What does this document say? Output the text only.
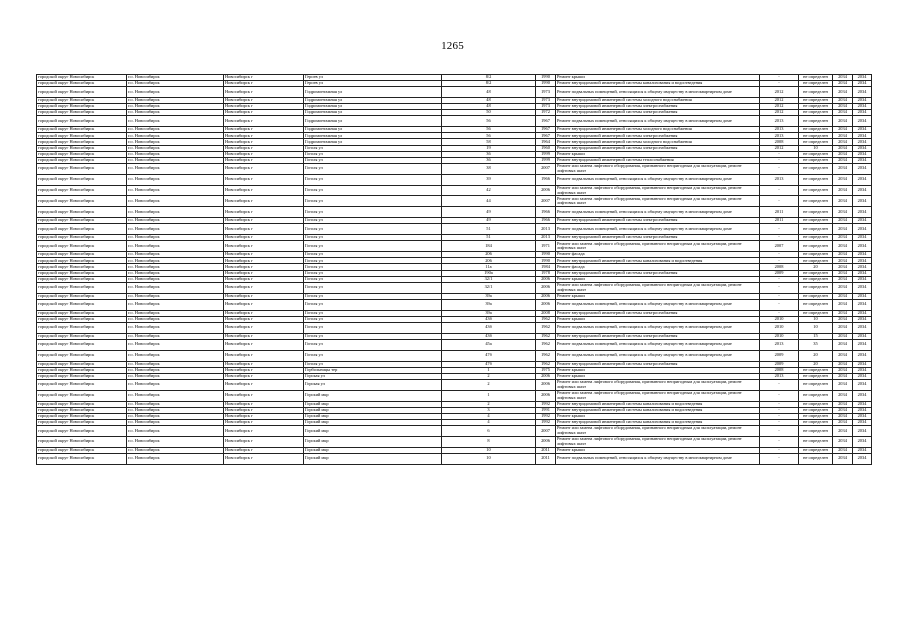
1265
городской округ Новосибирск	г.о. Новосибирск	Новосибирск г	Героев ул	8/2	1990	Ремонт крыши	-	не определен	2034	2034
городской округ Новосибирск	г.о. Новосибирск	Новосибирск г	Героев ул	8/2	1990	Ремонт внутридомовой инженерной системы канализования и водоотведения	-	не определен	2034	2034
городской округ Новосибирск	г.о. Новосибирск	Новосибирск г	Гидромонтажная ул	48	1973	Ремонт подвальных помещений, относящихся к общему имуществу в многоквартирном доме	2012	не определен	2034	2034
городской округ Новосибирск	г.о. Новосибирск	Новосибирск г	Гидромонтажная ул	48	1973	Ремонт внутридомовой инженерной системы холодного водоснабжения	2012	не определен	2034	2034
городской округ Новосибирск	г.о. Новосибирск	Новосибирск г	Гидромонтажная ул	48	1973	Ремонт внутридомовой инженерной системы электроснабжения	2012	не определен	2034	2034
городской округ Новосибирск	г.о. Новосибирск	Новосибирск г	Гидромонтажная ул	50	1972	Ремонт внутридомовой инженерной системы электроснабжения	2012	не определен	2034	2034
городской округ Новосибирск	г.о. Новосибирск	Новосибирск г	Гидромонтажная ул	56	1967	Ремонт подвальных помещений, относящихся к общему имуществу в многоквартирном доме	2013	не определен	2034	2034
городской округ Новосибирск	г.о. Новосибирск	Новосибирск г	Гидромонтажная ул	56	1967	Ремонт внутридомовой инженерной системы холодного водоснабжения	2013	не определен	2034	2034
городской округ Новосибирск	г.о. Новосибирск	Новосибирск г	Гидромонтажная ул	56	1967	Ремонт внутридомовой инженерной системы электроснабжения	2013	не определен	2034	2034
городской округ Новосибирск	г.о. Новосибирск	Новосибирск г	Гидромонтажная ул	58	1964	Ремонт внутридомовой инженерной системы холодного водоснабжения	2008	не определен	2034	2034
городской округ Новосибирск	г.о. Новосибирск	Новосибирск г	Гоголя ул	19	1960	Ремонт внутридомовой инженерной системы электроснабжения	2012	10	2034	2034
городской округ Новосибирск	г.о. Новосибирск	Новосибирск г	Гоголя ул	36	1999	Ремонт крыши	-	не определен	2034	2034
городской округ Новосибирск	г.о. Новосибирск	Новосибирск г	Гоголя ул	36	1999	Ремонт внутридомовой инженерной системы теплоснабжения	-	не определен	2034	2034
городской округ Новосибирск	г.о. Новосибирск	Новосибирск г	Гоголя ул	38	2007	Ремонт или замена лифтового оборудования, признанного непригодным для эксплуатации, ремонт лифтовых шахт	-	не определен	2034	2034
городской округ Новосибирск	г.о. Новосибирск	Новосибирск г	Гоголя ул	39	1966	Ремонт подвальных помещений, относящихся к общему имуществу в многоквартирном доме	2013	не определен	2034	2034
городской округ Новосибирск	г.о. Новосибирск	Новосибирск г	Гоголя ул	42	2006	Ремонт или замена лифтового оборудования, признанного непригодным для эксплуатации, ремонт лифтовых шахт	-	не определен	2034	2034
городской округ Новосибирск	г.о. Новосибирск	Новосибирск г	Гоголя ул	44	2007	Ремонт или замена лифтового оборудования, признанного непригодным для эксплуатации, ремонт лифтовых шахт	-	не определен	2034	2034
городской округ Новосибирск	г.о. Новосибирск	Новосибирск г	Гоголя ул	49	1966	Ремонт подвальных помещений, относящихся к общему имуществу в многоквартирном доме	2011	не определен	2034	2034
городской округ Новосибирск	г.о. Новосибирск	Новосибирск г	Гоголя ул	49	1966	Ремонт внутридомовой инженерной системы электроснабжения	2011	не определен	2034	2034
городской округ Новосибирск	г.о. Новосибирск	Новосибирск г	Гоголя ул	51	2013	Ремонт подвальных помещений, относящихся к общему имуществу в многоквартирном доме	-	не определен	2034	2034
городской округ Новосибирск	г.о. Новосибирск	Новосибирск г	Гоголя ул	51	2013	Ремонт внутридомовой инженерной системы электроснабжения	-	не определен	2034	2034
городской округ Новосибирск	г.о. Новосибирск	Новосибирск г	Гоголя ул	184	1971	Ремонт или замена лифтового оборудования, признанного непригодным для эксплуатации, ремонт лифтовых шахт	2007	не определен	2034	2034
городской округ Новосибирск	г.о. Новосибирск	Новосибирск г	Гоголя ул	206	1990	Ремонт фасада	-	не определен	2034	2034
городской округ Новосибирск	г.о. Новосибирск	Новосибирск г	Гоголя ул	206	1990	Ремонт внутридомовой инженерной системы канализования и водоотведения	-	не определен	2034	2034
городской округ Новосибирск	г.о. Новосибирск	Новосибирск г	Гоголя ул	11а	1984	Ремонт фасада	2008	20	2034	2034
городской округ Новосибирск	г.о. Новосибирск	Новосибирск г	Гоголя ул	190а	1978	Ремонт внутридомовой инженерной системы электроснабжения	2009	не определен	2034	2034
городской округ Новосибирск	г.о. Новосибирск	Новосибирск г	Гоголя ул	32/1	2006	Ремонт крыши	-	не определен	2034	2034
городской округ Новосибирск	г.о. Новосибирск	Новосибирск г	Гоголя ул	32/1	2006	Ремонт или замена лифтового оборудования, признанного непригодным для эксплуатации, ремонт лифтовых шахт	-	не определен	2034	2034
городской округ Новосибирск	г.о. Новосибирск	Новосибирск г	Гоголя ул	39а	2006	Ремонт крыши	-	не определен	2034	2034
городской округ Новосибирск	г.о. Новосибирск	Новосибирск г	Гоголя ул	39а	2006	Ремонт подвальных помещений, относящихся к общему имуществу в многоквартирном доме	-	не определен	2034	2034
городской округ Новосибирск	г.о. Новосибирск	Новосибирск г	Гоголя ул	39а	2008	Ремонт внутридомовой инженерной системы электроснабжения	-	не определен	2034	2034
городской округ Новосибирск	г.о. Новосибирск	Новосибирск г	Гоголя ул	43б	1962	Ремонт крыши	2010	10	2034	2034
городской округ Новосибирск	г.о. Новосибирск	Новосибирск г	Гоголя ул	43б	1962	Ремонт подвальных помещений, относящихся к общему имуществу в многоквартирном доме	2010	10	2034	2034
городской округ Новосибирск	г.о. Новосибирск	Новосибирск г	Гоголя ул	43б	1962	Ремонт внутридомовой инженерной системы электроснабжения	2010	15	2034	2034
городской округ Новосибирск	г.о. Новосибирск	Новосибирск г	Гоголя ул	45а	1962	Ремонт подвальных помещений, относящихся к общему имуществу в многоквартирном доме	2013	35	2034	2034
городской округ Новосибирск	г.о. Новосибирск	Новосибирск г	Гоголя ул	47б	1962	Ремонт подвальных помещений, относящихся к общему имуществу в многоквартирном доме	2009	20	2034	2034
городской округ Новосибирск	г.о. Новосибирск	Новосибирск г	Гоголя ул	47б	1962	Ремонт внутридомовой инженерной системы электроснабжения	2009	20	2034	2034
городской округ Новосибирск	г.о. Новосибирск	Новосибирск г	Горбольницы тер	1	1975	Ремонт крыши	2008	не определен	2034	2034
городской округ Новосибирск	г.о. Новосибирск	Новосибирск г	Горская ул	2	2006	Ремонт крыши	2013	не определен	2034	2034
городской округ Новосибирск	г.о. Новосибирск	Новосибирск г	Горская ул	2	2006	Ремонт или замена лифтового оборудования, признанного непригодным для эксплуатации, ремонт лифтовых шахт	-	не определен	2034	2034
городской округ Новосибирск	г.о. Новосибирск	Новосибирск г	Горский мкр	1	2006	Ремонт или замена лифтового оборудования, признанного непригодным для эксплуатации, ремонт лифтовых шахт	-	не определен	2034	2034
городской округ Новосибирск	г.о. Новосибирск	Новосибирск г	Горский мкр	2	1992	Ремонт внутридомовой инженерной системы канализования и водоотведения	-	не определен	2034	2034
городской округ Новосибирск	г.о. Новосибирск	Новосибирск г	Горский мкр	3	1991	Ремонт внутридомовой инженерной системы канализования и водоотведения	-	не определен	2034	2034
городской округ Новосибирск	г.о. Новосибирск	Новосибирск г	Горский мкр	4	1992	Ремонт крыши	-	не определен	2034	2034
городской округ Новосибирск	г.о. Новосибирск	Новосибирск г	Горский мкр	4	1992	Ремонт внутридомовой инженерной системы канализования и водоотведения	-	не определен	2034	2034
городской округ Новосибирск	г.о. Новосибирск	Новосибирск г	Горский мкр	6	2007	Ремонт или замена лифтового оборудования, признанного непригодным для эксплуатации, ремонт лифтовых шахт	-	не определен	2034	2034
городской округ Новосибирск	г.о. Новосибирск	Новосибирск г	Горский мкр	8	2006	Ремонт или замена лифтового оборудования, признанного непригодным для эксплуатации, ремонт лифтовых шахт	-	не определен	2034	2034
городской округ Новосибирск	г.о. Новосибирск	Новосибирск г	Горский мкр	10	2011	Ремонт крыши	-	не определен	2034	2034
городской округ Новосибирск	г.о. Новосибирск	Новосибирск г	Горский мкр	10	2011	Ремонт подвальных помещений, относящихся к общему имуществу в многоквартирном доме	-	не определен	2034	2034
